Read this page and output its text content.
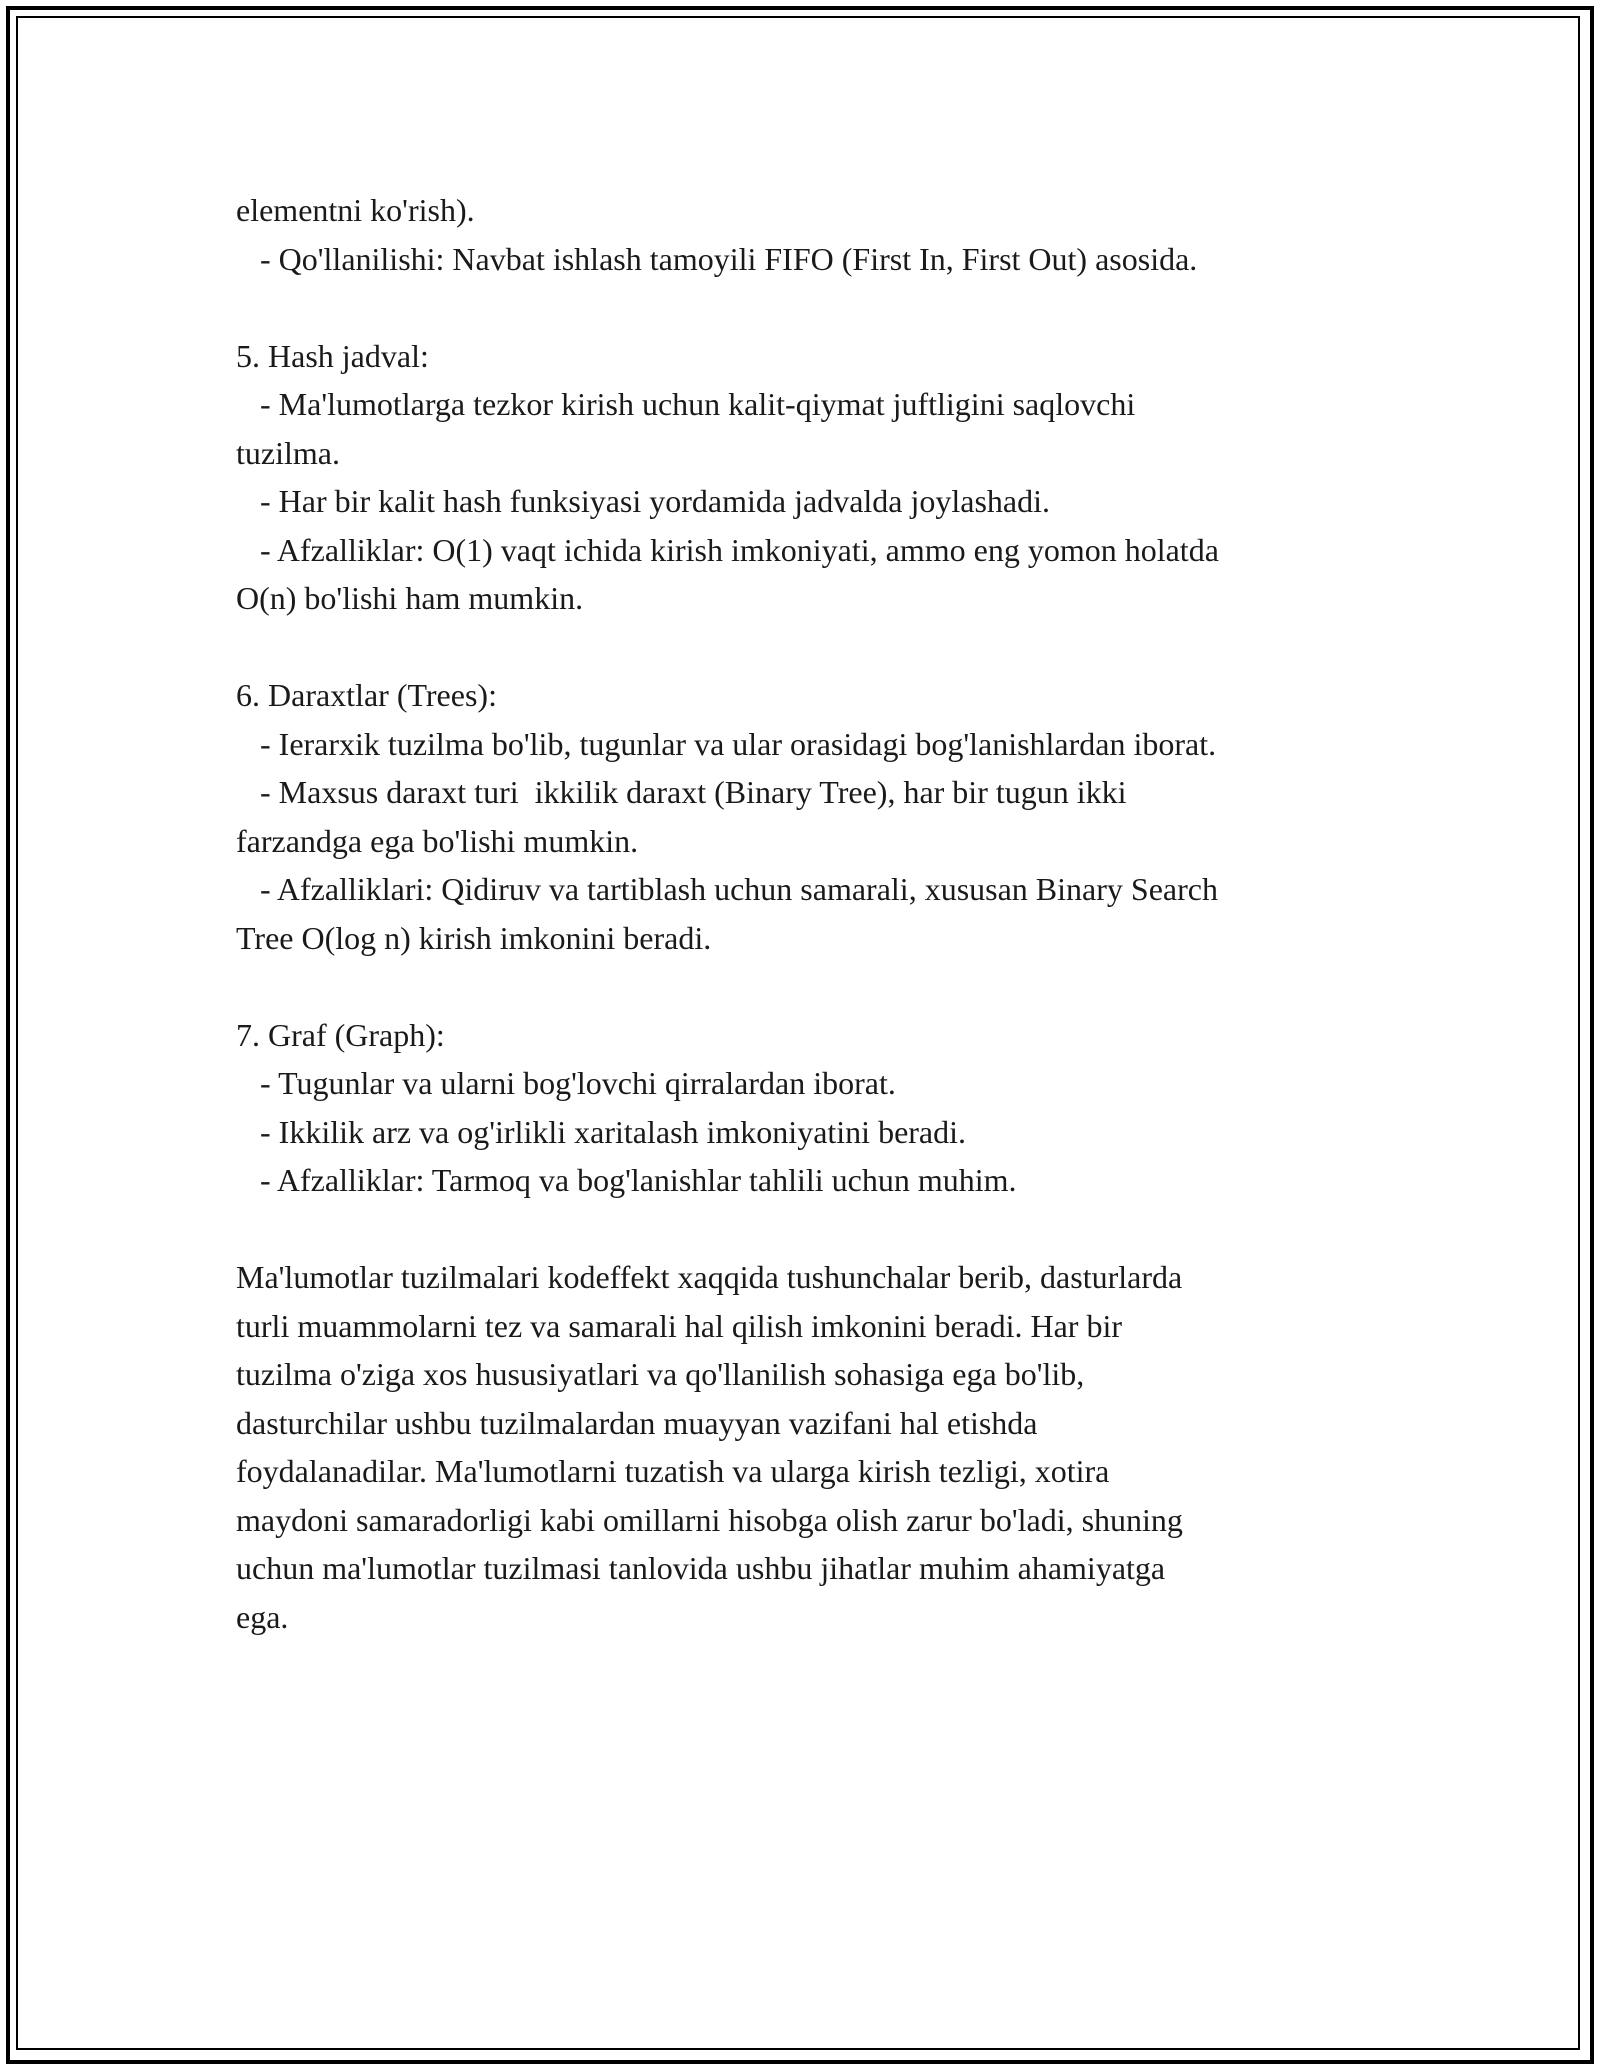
elementni ko'rish).
- Qo'llanilishi: Navbat ishlash tamoyili FIFO (First In, First Out) asosida.
5. Hash jadval:
- Ma'lumotlarga tezkor kirish uchun kalit-qiymat juftligini saqlovchi
tuzilma.
- Har bir kalit hash funksiyasi yordamida jadvalda joylashadi.
- Afzalliklar: O(1) vaqt ichida kirish imkoniyati, ammo eng yomon holatda
O(n) bo'lishi ham mumkin.
6. Daraxtlar (Trees):
- Ierarxik tuzilma bo'lib, tugunlar va ular orasidagi bog'lanishlardan iborat.
- Maxsus daraxt turi  ikkilik daraxt (Binary Tree), har bir tugun ikki
farzandga ega bo'lishi mumkin.
- Afzalliklari: Qidiruv va tartiblash uchun samarali, xususan Binary Search
Tree O(log n) kirish imkonini beradi.
7. Graf (Graph):
- Tugunlar va ularni bog'lovchi qirralardan iborat.
- Ikkilik arz va og'irlikli xaritalash imkoniyatini beradi.
- Afzalliklar: Tarmoq va bog'lanishlar tahlili uchun muhim.
Ma'lumotlar tuzilmalari kodeffekt xaqqida tushunchalar berib, dasturlarda
turli muammolarni tez va samarali hal qilish imkonini beradi. Har bir
tuzilma o'ziga xos hususiyatlari va qo'llanilish sohasiga ega bo'lib,
dasturchilar ushbu tuzilmalardan muayyan vazifani hal etishda
foydalanadilar. Ma'lumotlarni tuzatish va ularga kirish tezligi, xotira
maydoni samaradorligi kabi omillarni hisobga olish zarur bo'ladi, shuning
uchun ma'lumotlar tuzilmasi tanlovida ushbu jihatlar muhim ahamiyatga
ega.
